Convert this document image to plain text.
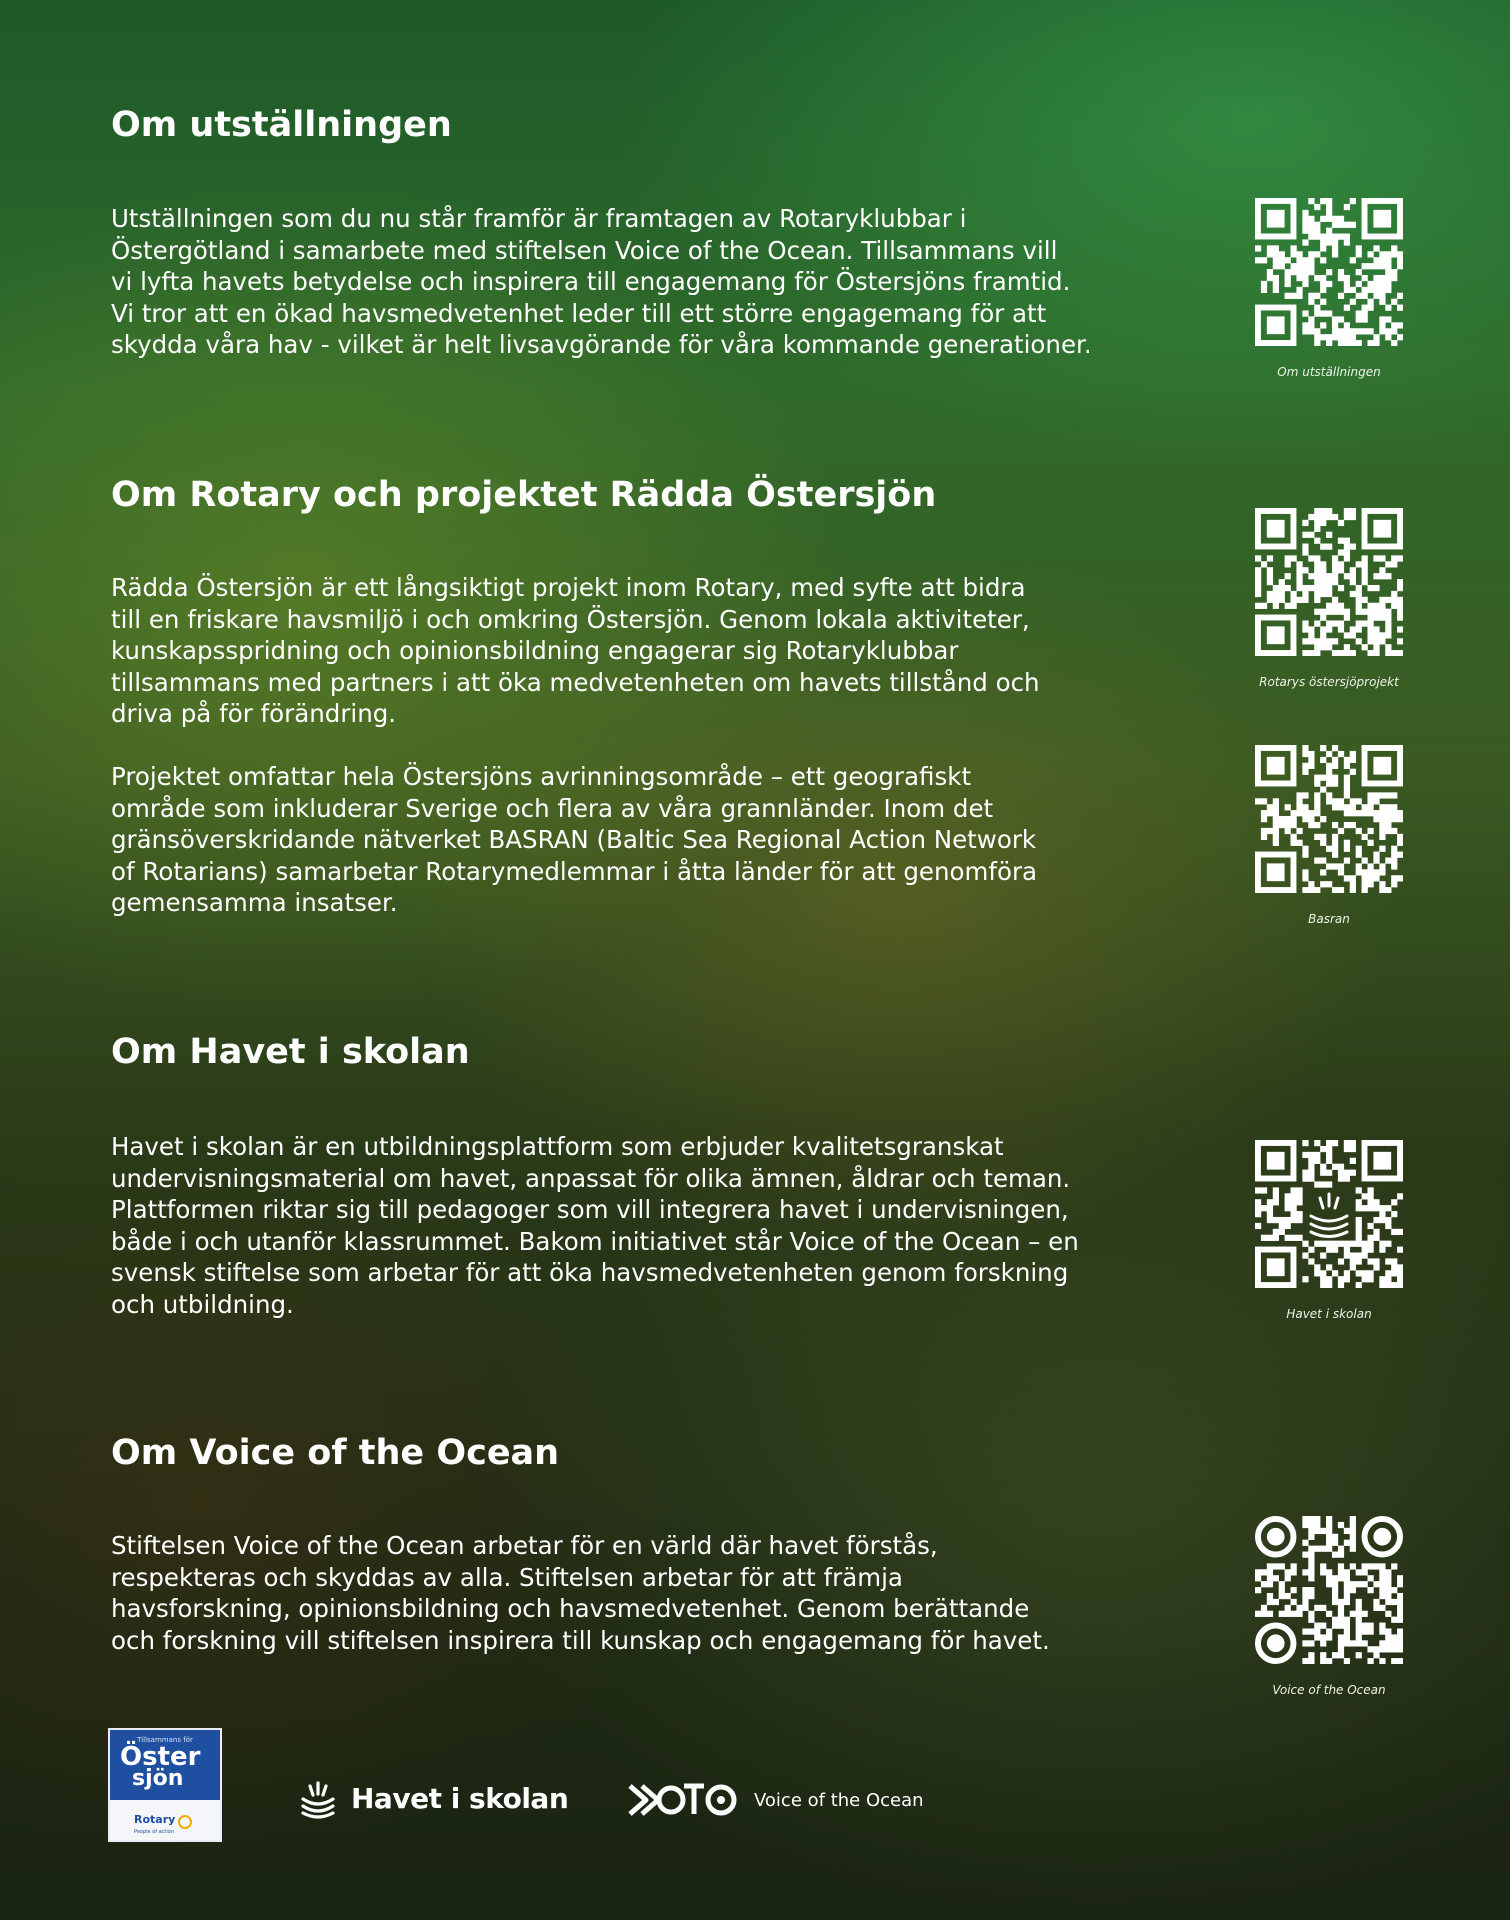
Om utställningen

Utställningen som du nu står framför är framtagen av Rotaryklubbar i
Östergötland i samarbete med stiftelsen Voice of the Ocean. Tillsammans vill
vi lyfta havets betydelse och inspirera till engagemang för Östersjöns framtid.
Vi tror att en ökad havsmedvetenhet leder till ett större engagemang för att
skydda våra hav - vilket är helt livsavgörande för våra kommande generationer.

Om Rotary och projektet Rädda Östersjön

Rädda Östersjön är ett långsiktigt projekt inom Rotary, med syfte att bidra
till en friskare havsmiljö i och omkring Östersjön. Genom lokala aktiviteter,
kunskapsspridning och opinionsbildning engagerar sig Rotaryklubbar
tillsammans med partners i att öka medvetenheten om havets tillstånd och
driva på för förändring.

Projektet omfattar hela Östersjöns avrinningsområde – ett geografiskt
område som inkluderar Sverige och flera av våra grannländer. Inom det
gränsöverskridande nätverket BASRAN (Baltic Sea Regional Action Network
of Rotarians) samarbetar Rotarymedlemmar i åtta länder för att genomföra
gemensamma insatser.

Om Havet i skolan

Havet i skolan är en utbildningsplattform som erbjuder kvalitetsgranskat
undervisningsmaterial om havet, anpassat för olika ämnen, åldrar och teman.
Plattformen riktar sig till pedagoger som vill integrera havet i undervisningen,
både i och utanför klassrummet. Bakom initiativet står Voice of the Ocean – en
svensk stiftelse som arbetar för att öka havsmedvetenheten genom forskning
och utbildning.

Om Voice of the Ocean

Stiftelsen Voice of the Ocean arbetar för en värld där havet förstås,
respekteras och skyddas av alla. Stiftelsen arbetar för att främja
havsforskning, opinionsbildning och havsmedvetenhet. Genom berättande
och forskning vill stiftelsen inspirera till kunskap och engagemang för havet.

Om utställningen
Rotarys östersjöprojekt
Basran
Havet i skolan
Voice of the Ocean
Tillsammans för
Öster
sjön
Rotary
People of action
Havet i skolan	Voice of the Ocean
